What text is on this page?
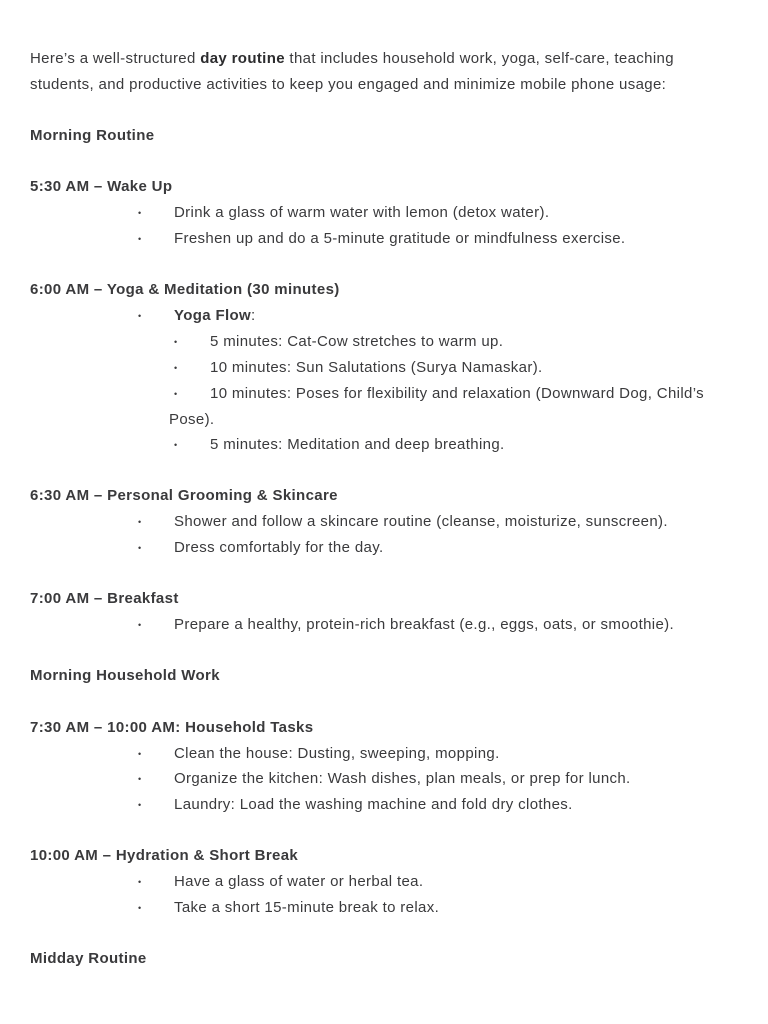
Here’s a well-structured day routine that includes household work, yoga, self-care, teaching students, and productive activities to keep you engaged and minimize mobile phone usage:

Morning Routine
5:30 AM – Wake Up
• Drink a glass of warm water with lemon (detox water).
• Freshen up and do a 5-minute gratitude or mindfulness exercise.
6:00 AM – Yoga & Meditation (30 minutes)
• Yoga Flow:
• 5 minutes: Cat-Cow stretches to warm up.
• 10 minutes: Sun Salutations (Surya Namaskar).
• 10 minutes: Poses for flexibility and relaxation (Downward Dog, Child’s
Pose).
• 5 minutes: Meditation and deep breathing.
6:30 AM – Personal Grooming & Skincare
• Shower and follow a skincare routine (cleanse, moisturize, sunscreen).
• Dress comfortably for the day.
7:00 AM – Breakfast
• Prepare a healthy, protein-rich breakfast (e.g., eggs, oats, or smoothie).
Morning Household Work
7:30 AM – 10:00 AM: Household Tasks
• Clean the house: Dusting, sweeping, mopping.
• Organize the kitchen: Wash dishes, plan meals, or prep for lunch.
• Laundry: Load the washing machine and fold dry clothes.
10:00 AM – Hydration & Short Break
• Have a glass of water or herbal tea.
• Take a short 15-minute break to relax.
Midday Routine
